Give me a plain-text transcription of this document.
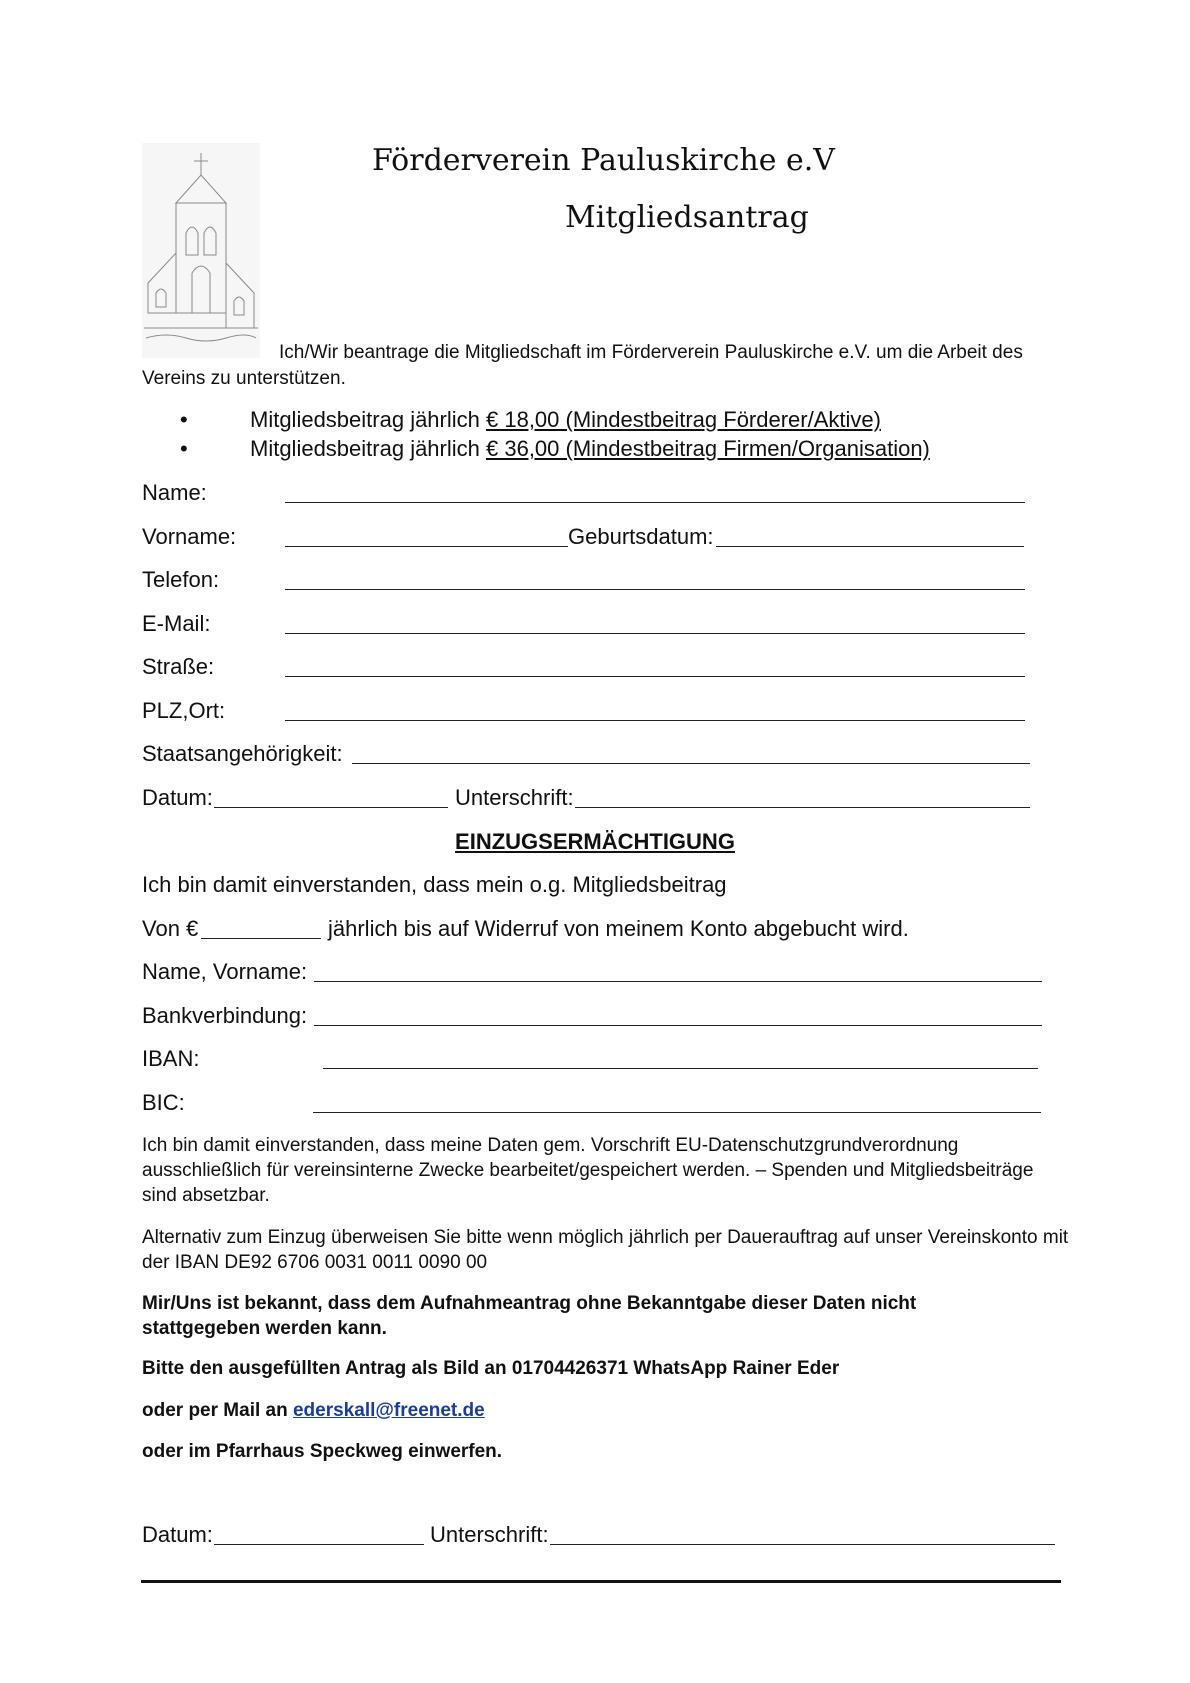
Förderverein Pauluskirche e.V
Mitgliedsantrag
Ich/Wir beantrage die Mitgliedschaft im Förderverein Pauluskirche e.V. um die Arbeit des Vereins zu unterstützen.
•	Mitgliedsbeitrag jährlich € 18,00 (Mindestbeitrag Förderer/Aktive)
•	Mitgliedsbeitrag jährlich € 36,00 (Mindestbeitrag Firmen/Organisation)
Name:
Vorname:	Geburtsdatum:
Telefon:
E-Mail:
Straße:
PLZ,Ort:
Staatsangehörigkeit:
Datum:	Unterschrift:
EINZUGSERMÄCHTIGUNG
Ich bin damit einverstanden, dass mein o.g. Mitgliedsbeitrag
Von €	jährlich bis auf Widerruf von meinem Konto abgebucht wird.
Name, Vorname:
Bankverbindung:
IBAN:
BIC:
Ich bin damit einverstanden, dass meine Daten gem. Vorschrift EU-Datenschutzgrundverordnung ausschließlich für vereinsinterne Zwecke bearbeitet/gespeichert werden. – Spenden und Mitgliedsbeiträge sind absetzbar.
Alternativ zum Einzug überweisen Sie bitte wenn möglich jährlich per Dauerauftrag auf unser Vereinskonto mit der IBAN DE92 6706 0031 0011 0090 00
Mir/Uns ist bekannt, dass dem Aufnahmeantrag ohne Bekanntgabe dieser Daten nicht stattgegeben werden kann.
Bitte den ausgefüllten Antrag als Bild an 01704426371 WhatsApp Rainer Eder
oder per Mail an ederskall@freenet.de
oder im Pfarrhaus Speckweg einwerfen.
Datum:	Unterschrift:
